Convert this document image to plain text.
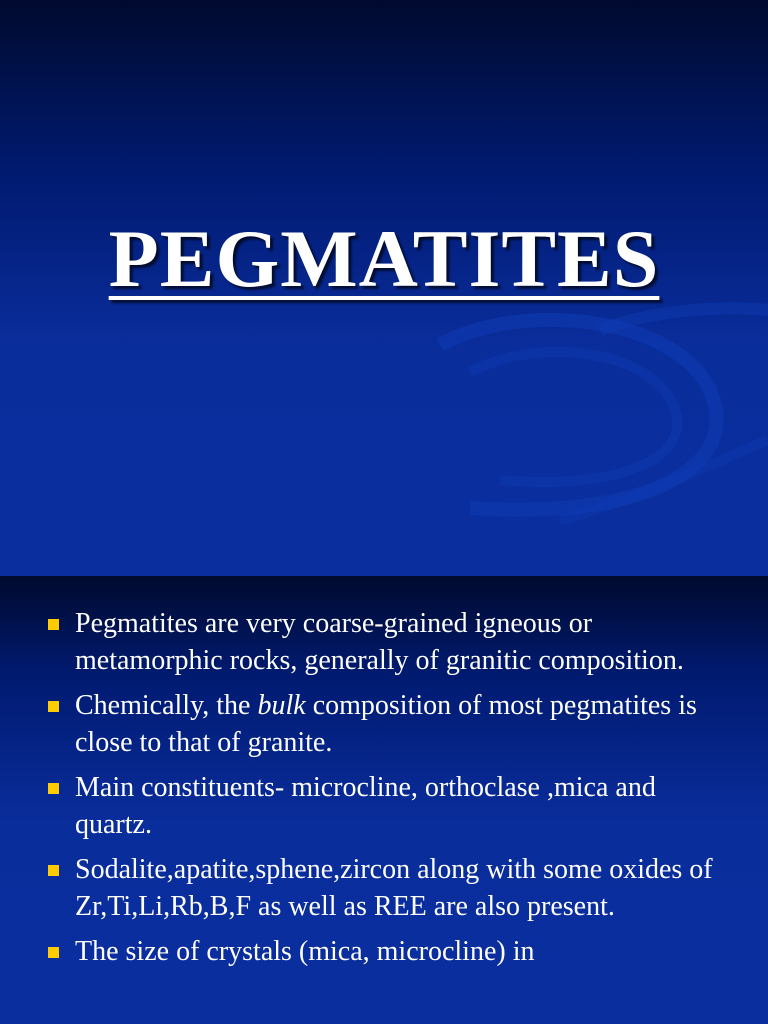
PEGMATITES
Pegmatites are very coarse-grained igneous or metamorphic rocks, generally of granitic composition.
Chemically, the bulk composition of most pegmatites is close to that of granite.
Main constituents- microcline, orthoclase ,mica and quartz.
Sodalite,apatite,sphene,zircon along with some oxides of Zr,Ti,Li,Rb,B,F as well as REE are also present.
The size of crystals (mica, microcline) in
